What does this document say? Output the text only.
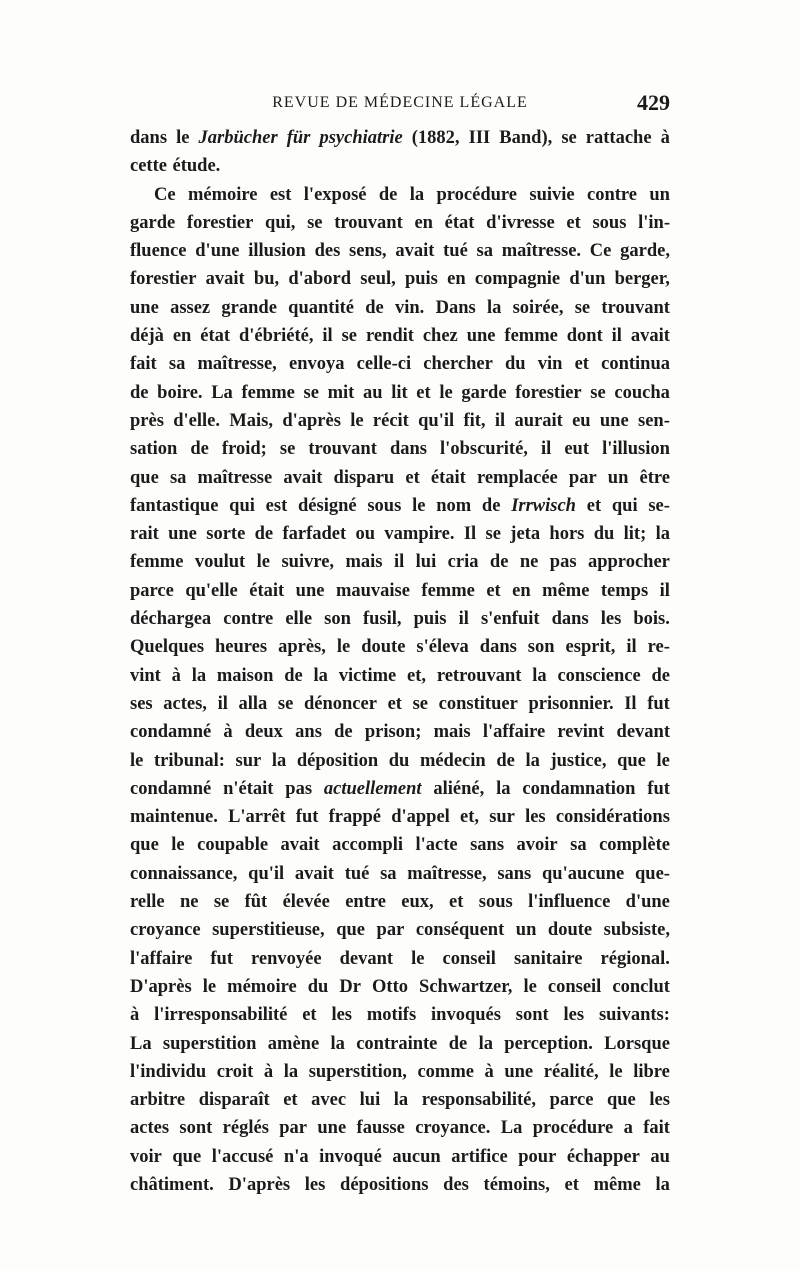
REVUE DE MÉDECINE LÉGALE	429
dans le Jarbücher für psychiatrie (1882, III Band), se rattache à
cette étude.
Ce mémoire est l'exposé de la procédure suivie contre un
garde forestier qui, se trouvant en état d'ivresse et sous l'in-
fluence d'une illusion des sens, avait tué sa maîtresse. Ce garde,
forestier avait bu, d'abord seul, puis en compagnie d'un berger,
une assez grande quantité de vin. Dans la soirée, se trouvant
déjà en état d'ébriété, il se rendit chez une femme dont il avait
fait sa maîtresse, envoya celle-ci chercher du vin et continua
de boire. La femme se mit au lit et le garde forestier se coucha
près d'elle. Mais, d'après le récit qu'il fit, il aurait eu une sen-
sation de froid; se trouvant dans l'obscurité, il eut l'illusion
que sa maîtresse avait disparu et était remplacée par un être
fantastique qui est désigné sous le nom de Irrwisch et qui se-
rait une sorte de farfadet ou vampire. Il se jeta hors du lit; la
femme voulut le suivre, mais il lui cria de ne pas approcher
parce qu'elle était une mauvaise femme et en même temps il
déchargea contre elle son fusil, puis il s'enfuit dans les bois.
Quelques heures après, le doute s'éleva dans son esprit, il re-
vint à la maison de la victime et, retrouvant la conscience de
ses actes, il alla se dénoncer et se constituer prisonnier. Il fut
condamné à deux ans de prison; mais l'affaire revint devant
le tribunal: sur la déposition du médecin de la justice, que le
condamné n'était pas actuellement aliéné, la condamnation fut
maintenue. L'arrêt fut frappé d'appel et, sur les considérations
que le coupable avait accompli l'acte sans avoir sa complète
connaissance, qu'il avait tué sa maîtresse, sans qu'aucune que-
relle ne se fût élevée entre eux, et sous l'influence d'une
croyance superstitieuse, que par conséquent un doute subsiste,
l'affaire fut renvoyée devant le conseil sanitaire régional.
D'après le mémoire du Dr Otto Schwartzer, le conseil conclut
à l'irresponsabilité et les motifs invoqués sont les suivants:
La superstition amène la contrainte de la perception. Lorsque
l'individu croit à la superstition, comme à une réalité, le libre
arbitre disparaît et avec lui la responsabilité, parce que les
actes sont réglés par une fausse croyance. La procédure a fait
voir que l'accusé n'a invoqué aucun artifice pour échapper au
châtiment. D'après les dépositions des témoins, et même la
